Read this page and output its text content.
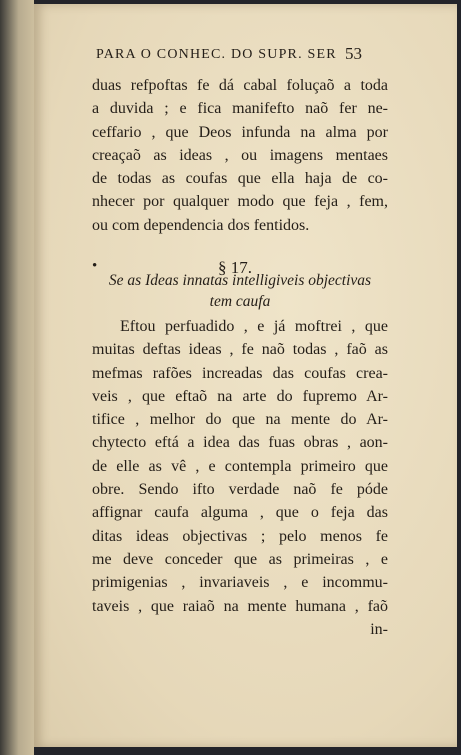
PARA O CONHEC. DO SUPR. SER 53
duas refpoftas fe dá cabal foluçaõ a toda
a duvida ; e fica manifefto naõ fer ne-
ceffario , que Deos infunda na alma por
creaçaõ as ideas , ou imagens mentaes
de todas as coufas que ella haja de co-
nhecer por qualquer modo que feja , fem,
ou com dependencia dos fentidos.
•	§ 17.
Se as Ideas innatas intelligiveis objectivas
tem caufa
Eftou perfuadido , e já moftrei , que
muitas deftas ideas , fe naõ todas , faõ as
mefmas rafões increadas das coufas crea-
veis , que eftaõ na arte do fupremo Ar-
tifice , melhor do que na mente do Ar-
chytecto eftá a idea das fuas obras , aon-
de elle as vê , e contempla primeiro que
obre. Sendo ifto verdade naõ fe póde
affignar caufa alguma , que o feja das
ditas ideas objectivas ; pelo menos fe
me deve conceder que as primeiras , e
primigenias , invariaveis , e incommu-
taveis , que raiaõ na mente humana , faõ
in-
